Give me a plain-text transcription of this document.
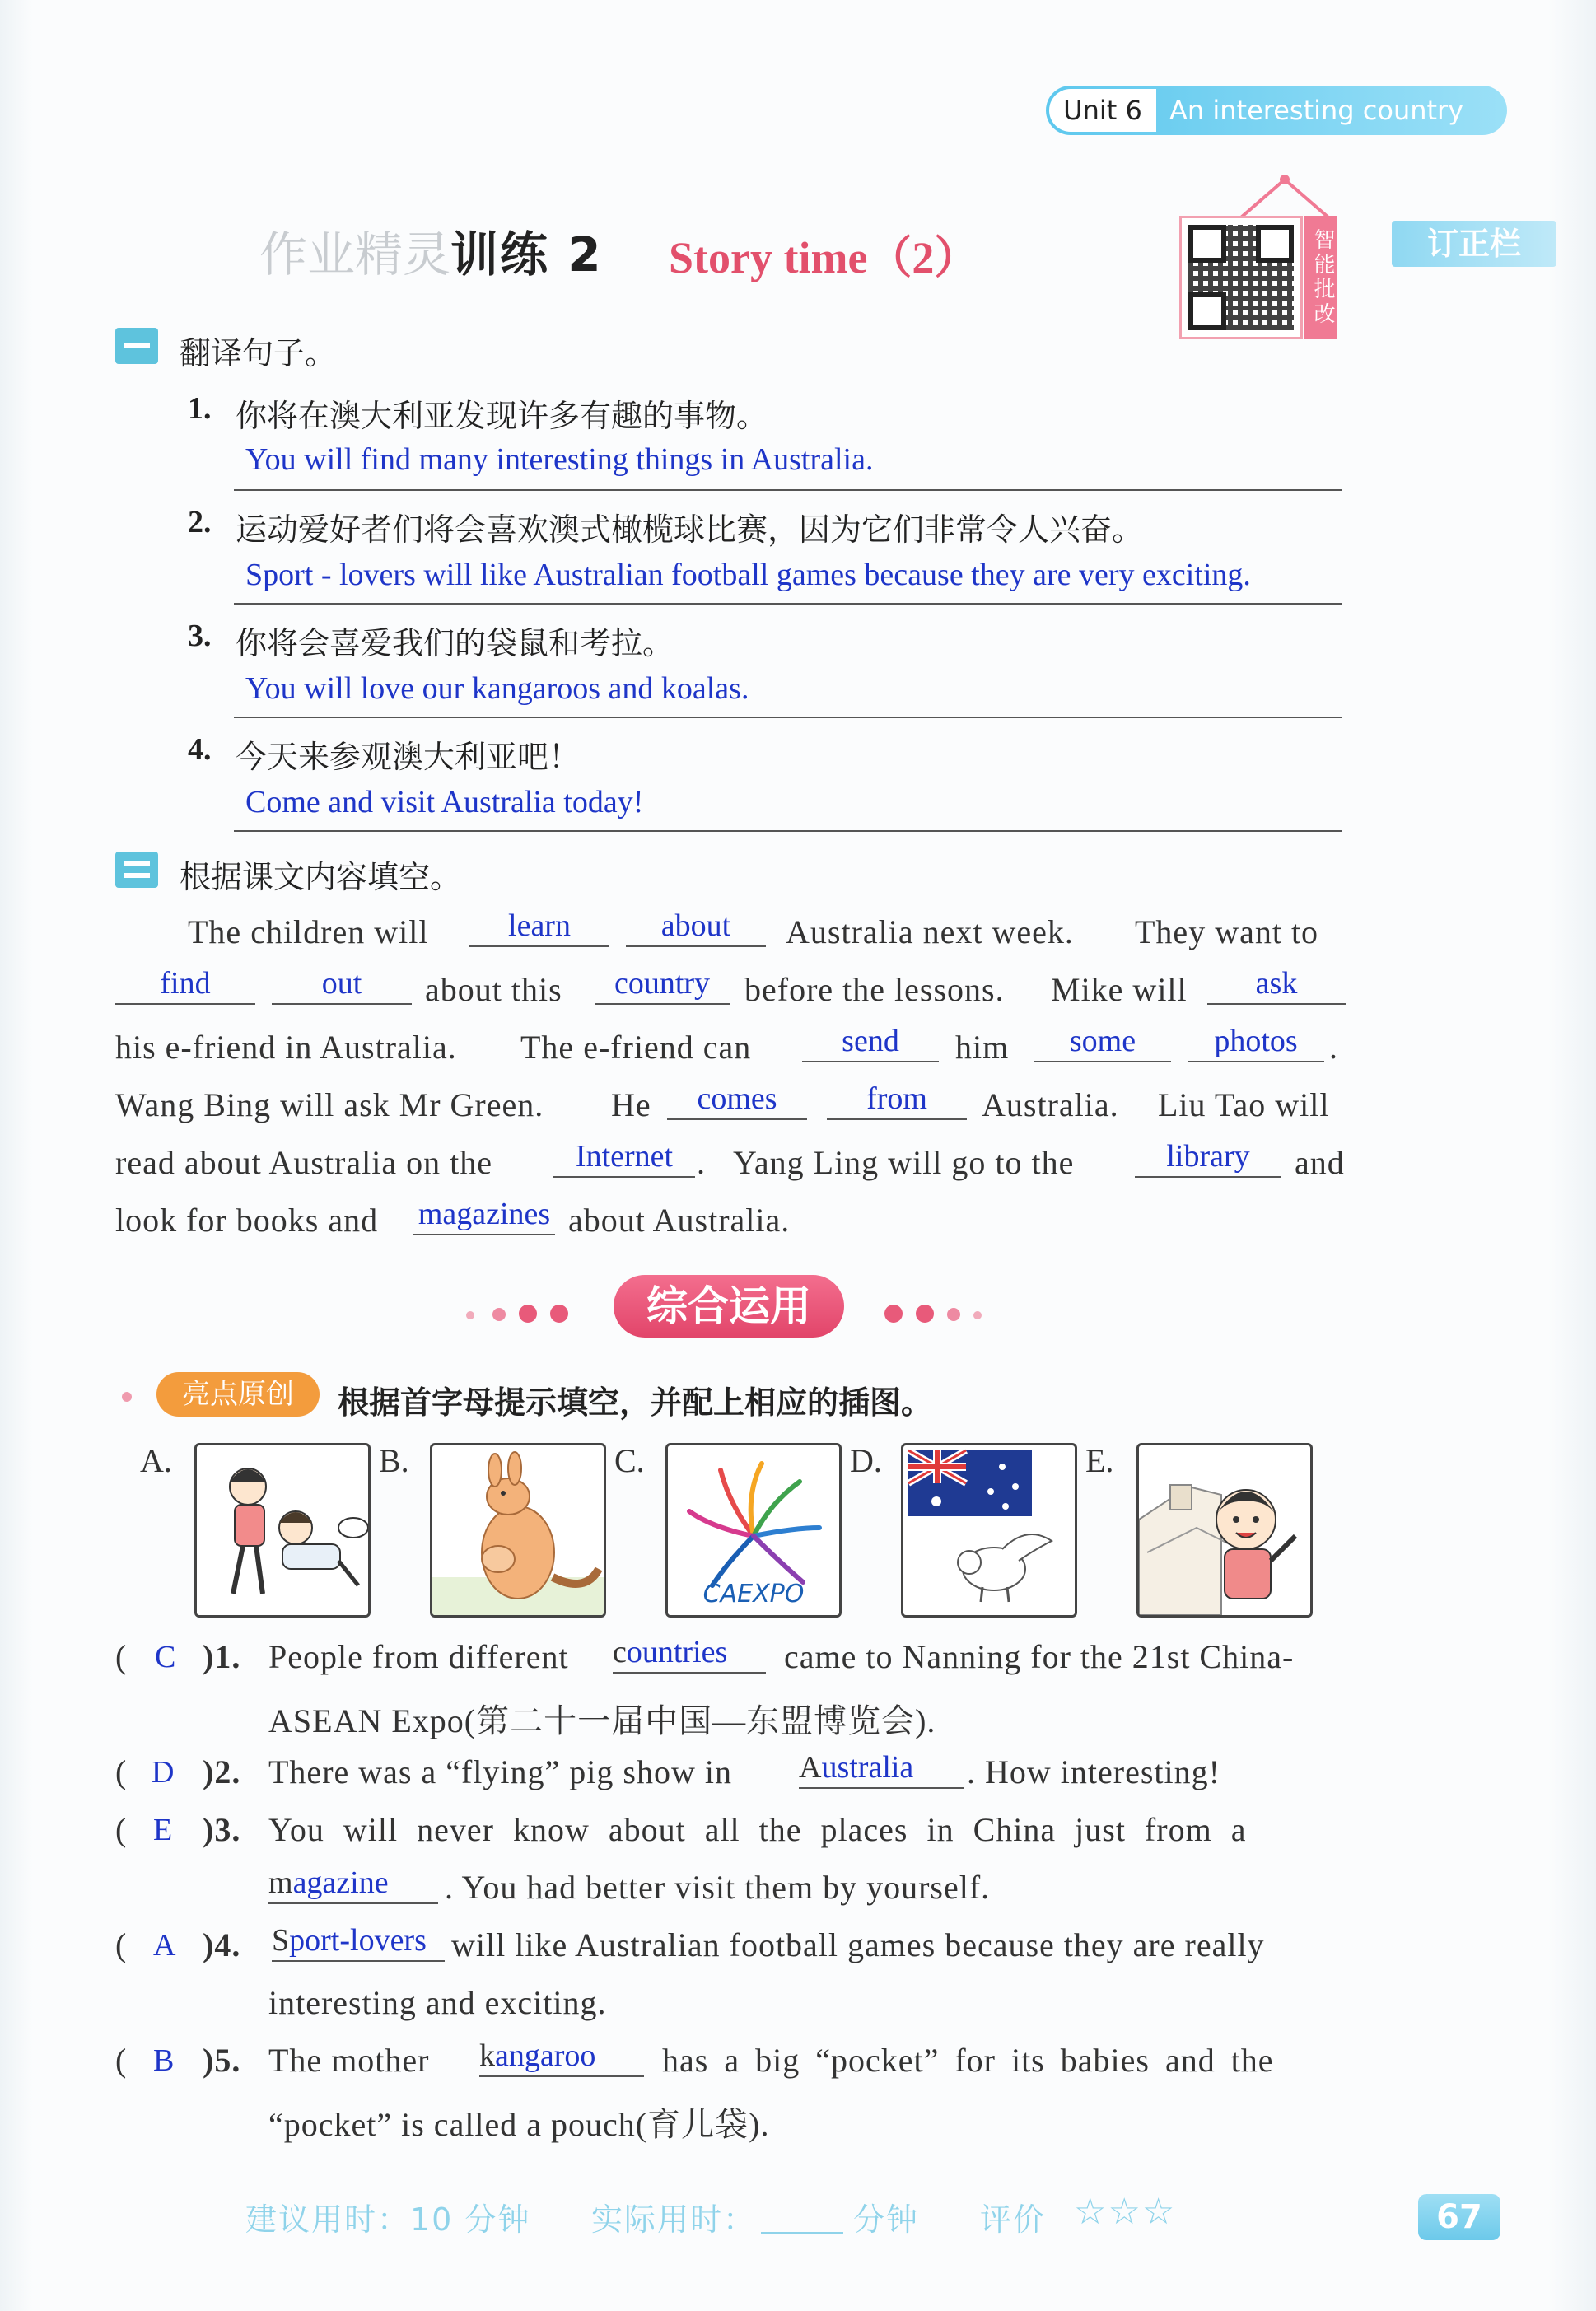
Unit 6	An interesting country
作业精灵训练 2 Story time（2）	智能批改	订正栏
翻译句子。
1. 你将在澳大利亚发现许多有趣的事物。
You will find many interesting things in Australia.
2. 运动爱好者们将会喜欢澳式橄榄球比赛，因为它们非常令人兴奋。
Sport - lovers will like Australian football games because they are very exciting.
3. 你将会喜爱我们的袋鼠和考拉。
You will love our kangaroos and koalas.
4. 今天来参观澳大利亚吧！
Come and visit Australia today!
根据课文内容填空。
The children will	learn	about	Australia next week. They want to
find	out	about this	country	before the lessons. Mike will	ask
his e-friend in Australia. The e-friend can	send	him	some	photos .
Wang Bing will ask Mr Green. He	comes	from	Australia. Liu Tao will
read about Australia on the	Internet . Yang Ling will go to the	library	and
look for books and magazines about Australia.
综合运用
亮点原创	根据首字母提示填空，并配上相应的插图。
A.	B.	C.	D.	E.
CAEXPO
( C )1. People from different countries	came to Nanning for the 21st China-
ASEAN Expo(第二十一届中国—东盟博览会).
( D )2. There was a “flying” pig show in Australia	. How interesting!
( E )3. You will never know about all the places in China just from a
magazine	. You had better visit them by yourself.
( A )4. Sport-lovers will like Australian football games because they are really
interesting and exciting.
( B )5. The mother kangaroo	has a big “pocket” for its babies and the
“pocket” is called a pouch(育儿袋).
建议用时：10 分钟 实际用时：	分钟 评价 ☆☆☆	67
